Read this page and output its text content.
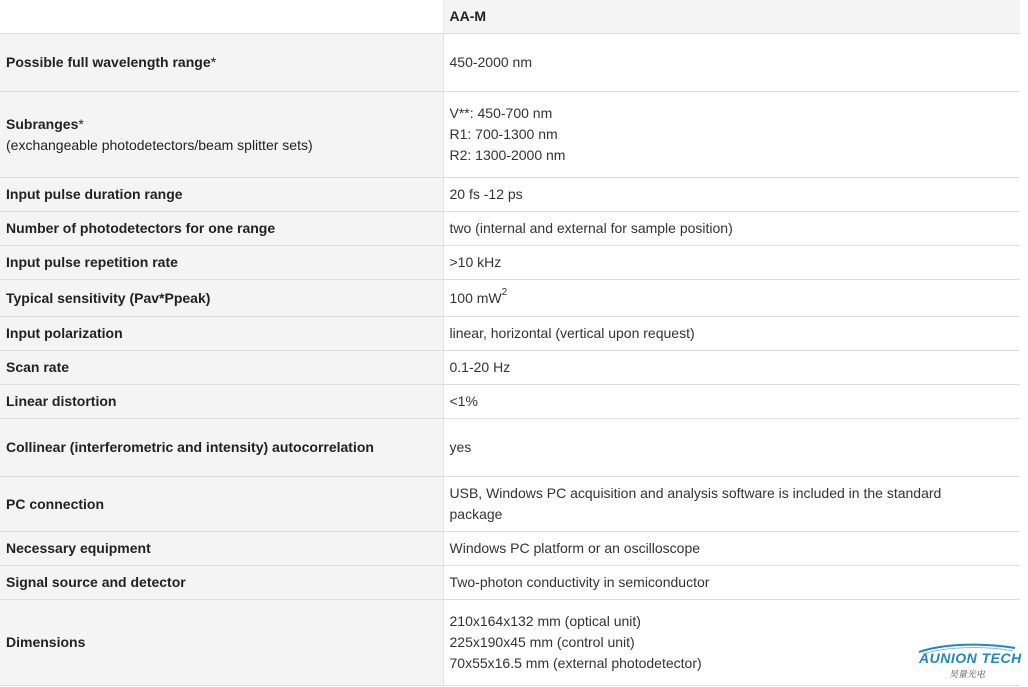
	AA-M
Possible full wavelength range*	450-2000 nm

Subranges*
(exchangeable photodetectors/beam splitter sets)	V**: 450-700 nm
R1: 700-1300 nm
R2: 1300-2000 nm

Input pulse duration range	20 fs -12 ps
Number of photodetectors for one range	two (internal and external for sample position)
Input pulse repetition rate	>10 kHz
Typical sensitivity (Pav*Ppeak)	100 $mW^2$
Input polarization	linear, horizontal (vertical upon request)
Scan rate	0.1-20 Hz
Linear distortion	<1%
Collinear (interferometric and intensity) autocorrelation	yes
PC connection	USB, Windows PC acquisition and analysis software is included in the standard
package

Necessary equipment	Windows PC platform or an oscilloscope
Signal source and detector	Two-photon conductivity in semiconductor
Dimensions	210x164x132 mm (optical unit)
225x190x45 mm (control unit)
70x55x16.5 mm (external photodetector)	AUNION TECH
昊量光电
